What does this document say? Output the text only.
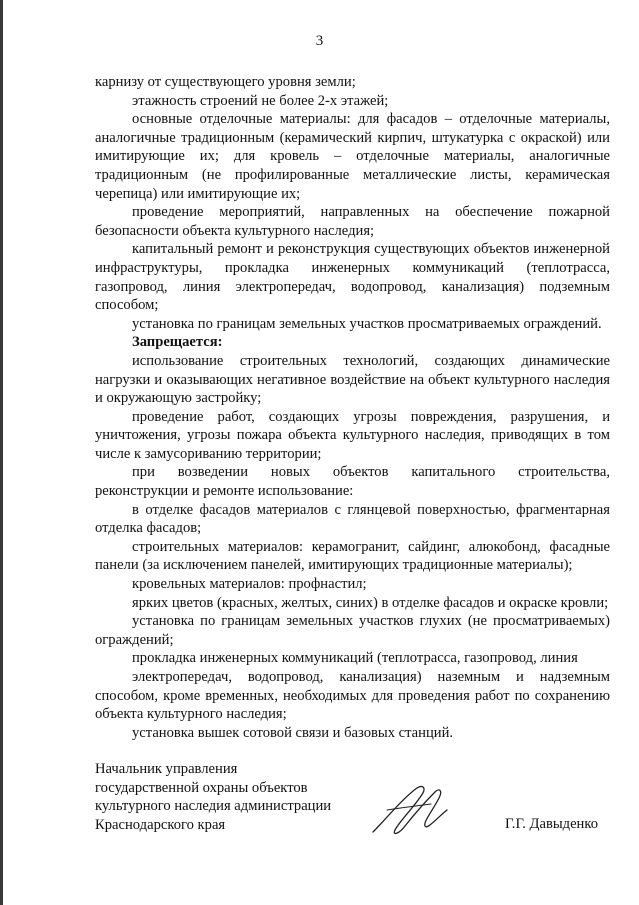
3

карнизу от существующего уровня земли;

этажность строений не более 2-х этажей;

основные отделочные материалы: для фасадов – отделочные материалы, аналогичные традиционным (керамический кирпич, штукатурка с окраской) или имитирующие их; для кровель – отделочные материалы, аналогичные традиционным (не профилированные металлические листы, керамическая черепица) или имитирующие их;

проведение мероприятий, направленных на обеспечение пожарной безопасности объекта культурного наследия;

капитальный ремонт и реконструкция существующих объектов инженерной инфраструктуры, прокладка инженерных коммуникаций (теплотрасса, газопровод, линия электропередач, водопровод, канализация) подземным способом;

установка по границам земельных участков просматриваемых ограждений.

Запрещается:

использование строительных технологий, создающих динамические нагрузки и оказывающих негативное воздействие на объект культурного наследия и окружающую застройку;

проведение работ, создающих угрозы повреждения, разрушения, и уничтожения, угрозы пожара объекта культурного наследия, приводящих в том числе к замусориванию территории;

при возведении новых объектов капитального строительства, реконструкции и ремонте использование:

в отделке фасадов материалов с глянцевой поверхностью, фрагментарная отделка фасадов;

строительных материалов: керамогранит, сайдинг, алюкобонд, фасадные панели (за исключением панелей, имитирующих традиционные материалы);

кровельных материалов: профнастил;

ярких цветов (красных, желтых, синих) в отделке фасадов и окраске кровли;

установка по границам земельных участков глухих (не просматриваемых) ограждений;

прокладка инженерных коммуникаций (теплотрасса, газопровод, линия

электропередач, водопровод, канализация) наземным и надземным способом, кроме временных, необходимых для проведения работ по сохранению объекта культурного наследия;

установка вышек сотовой связи и базовых станций.

Начальник управления
государственной охраны объектов
культурного наследия администрации
Краснодарского края	Г.Г. Давыденко
